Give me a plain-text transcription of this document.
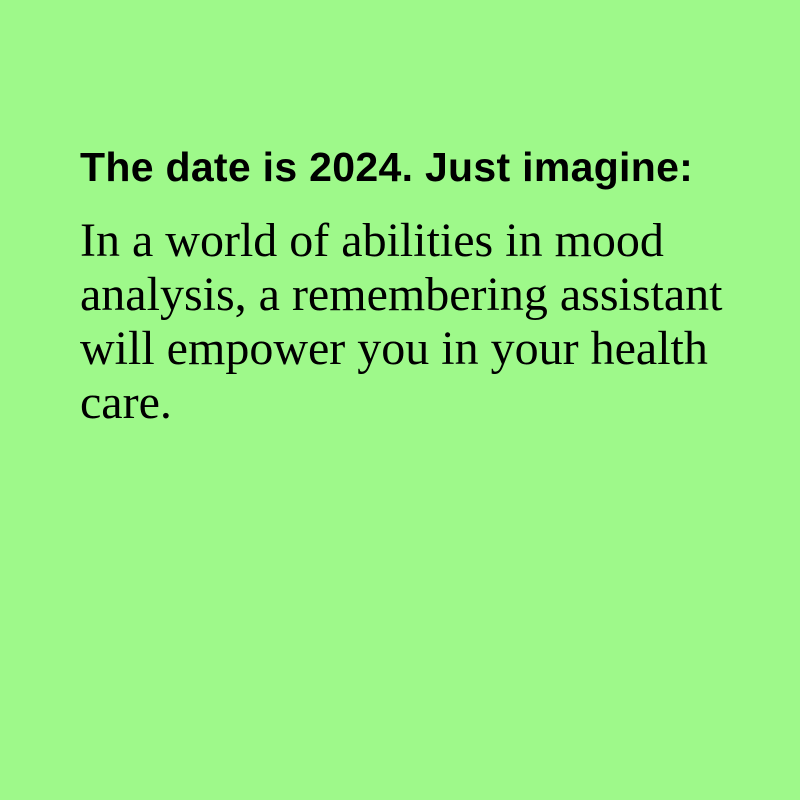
The date is 2024. Just imagine:

In a world of abilities in mood analysis, a remembering assistant will empower you in your health care.
